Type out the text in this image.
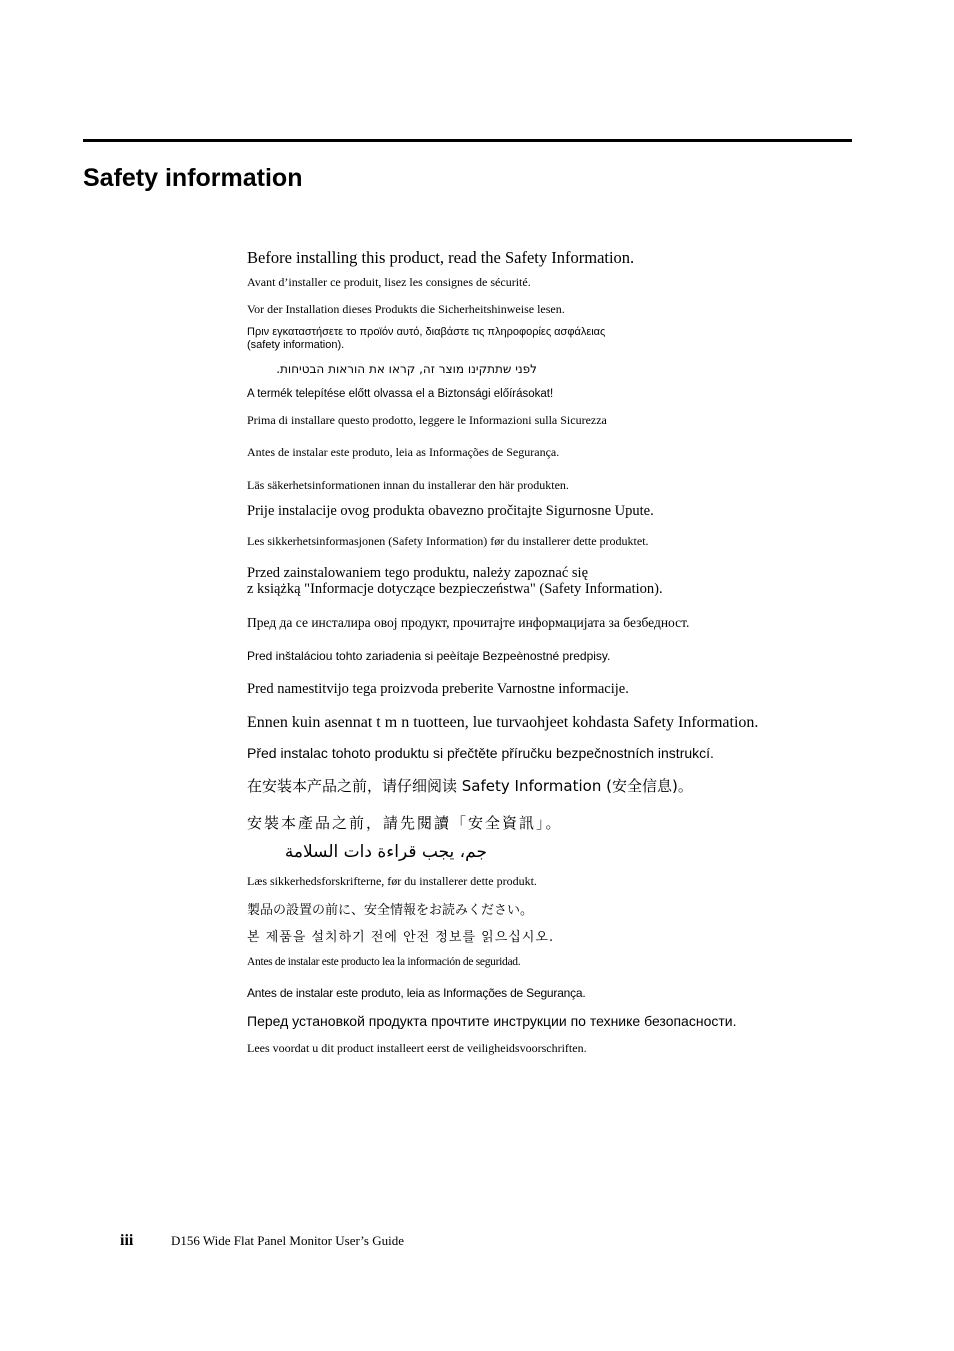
Safety information

Before installing this product, read the Safety Information.

Avant d’installer ce produit, lisez les consignes de sécurité.

Vor der Installation dieses Produkts die Sicherheitshinweise lesen.

Πριν εγκαταστήσετε το προϊόν αυτό, διαβάστε τις πληροφορίες ασφάλειας

(safety information).

לפני שתתקינו מוצר זה, קראו את הוראות הבטיחות.

A termék telepítése előtt olvassa el a Biztonsági előírásokat!

Prima di installare questo prodotto, leggere le Informazioni sulla Sicurezza

Antes de instalar este produto, leia as Informações de Segurança.

Läs säkerhetsinformationen innan du installerar den här produkten.

Prije instalacije ovog produkta obavezno pročitajte Sigurnosne Upute.

Les sikkerhetsinformasjonen (Safety Information) før du installerer dette produktet.

Przed zainstalowaniem tego produktu, należy zapoznać się

z książką "Informacje dotyczące bezpieczeństwa" (Safety Information).

Пред да се инсталира овој продукт, прочитајте информацијата за безбедност.

Pred inštaláciou tohto zariadenia si peèítaje Bezpeènostné predpisy.

Pred namestitvijo tega proizvoda preberite Varnostne informacije.

Ennen kuin asennat t m n tuotteen, lue turvaohjeet kohdasta Safety Information.

Před instalac tohoto produktu si přečtěte příručku bezpečnostních instrukcí.

在安装本产品之前，请仔细阅读 Safety Information (安全信息)。

安裝本產品之前，請先閱讀「安全資訊」。

جم، يجب قراءة دات السلامة

Læs sikkerhedsforskrifterne, før du installerer dette produkt.

製品の設置の前に、安全情報をお読みください。

본 제품을 설치하기 전에 안전 정보를 읽으십시오.

Antes de instalar este producto lea la información de seguridad.

Antes de instalar este produto, leia as Informações de Segurança.

Перед установкой продукта прочтите инструкции по технике безопасности.

Lees voordat u dit product installeert eerst de veiligheidsvoorschriften.

iii	D156 Wide Flat Panel Monitor User’s Guide
